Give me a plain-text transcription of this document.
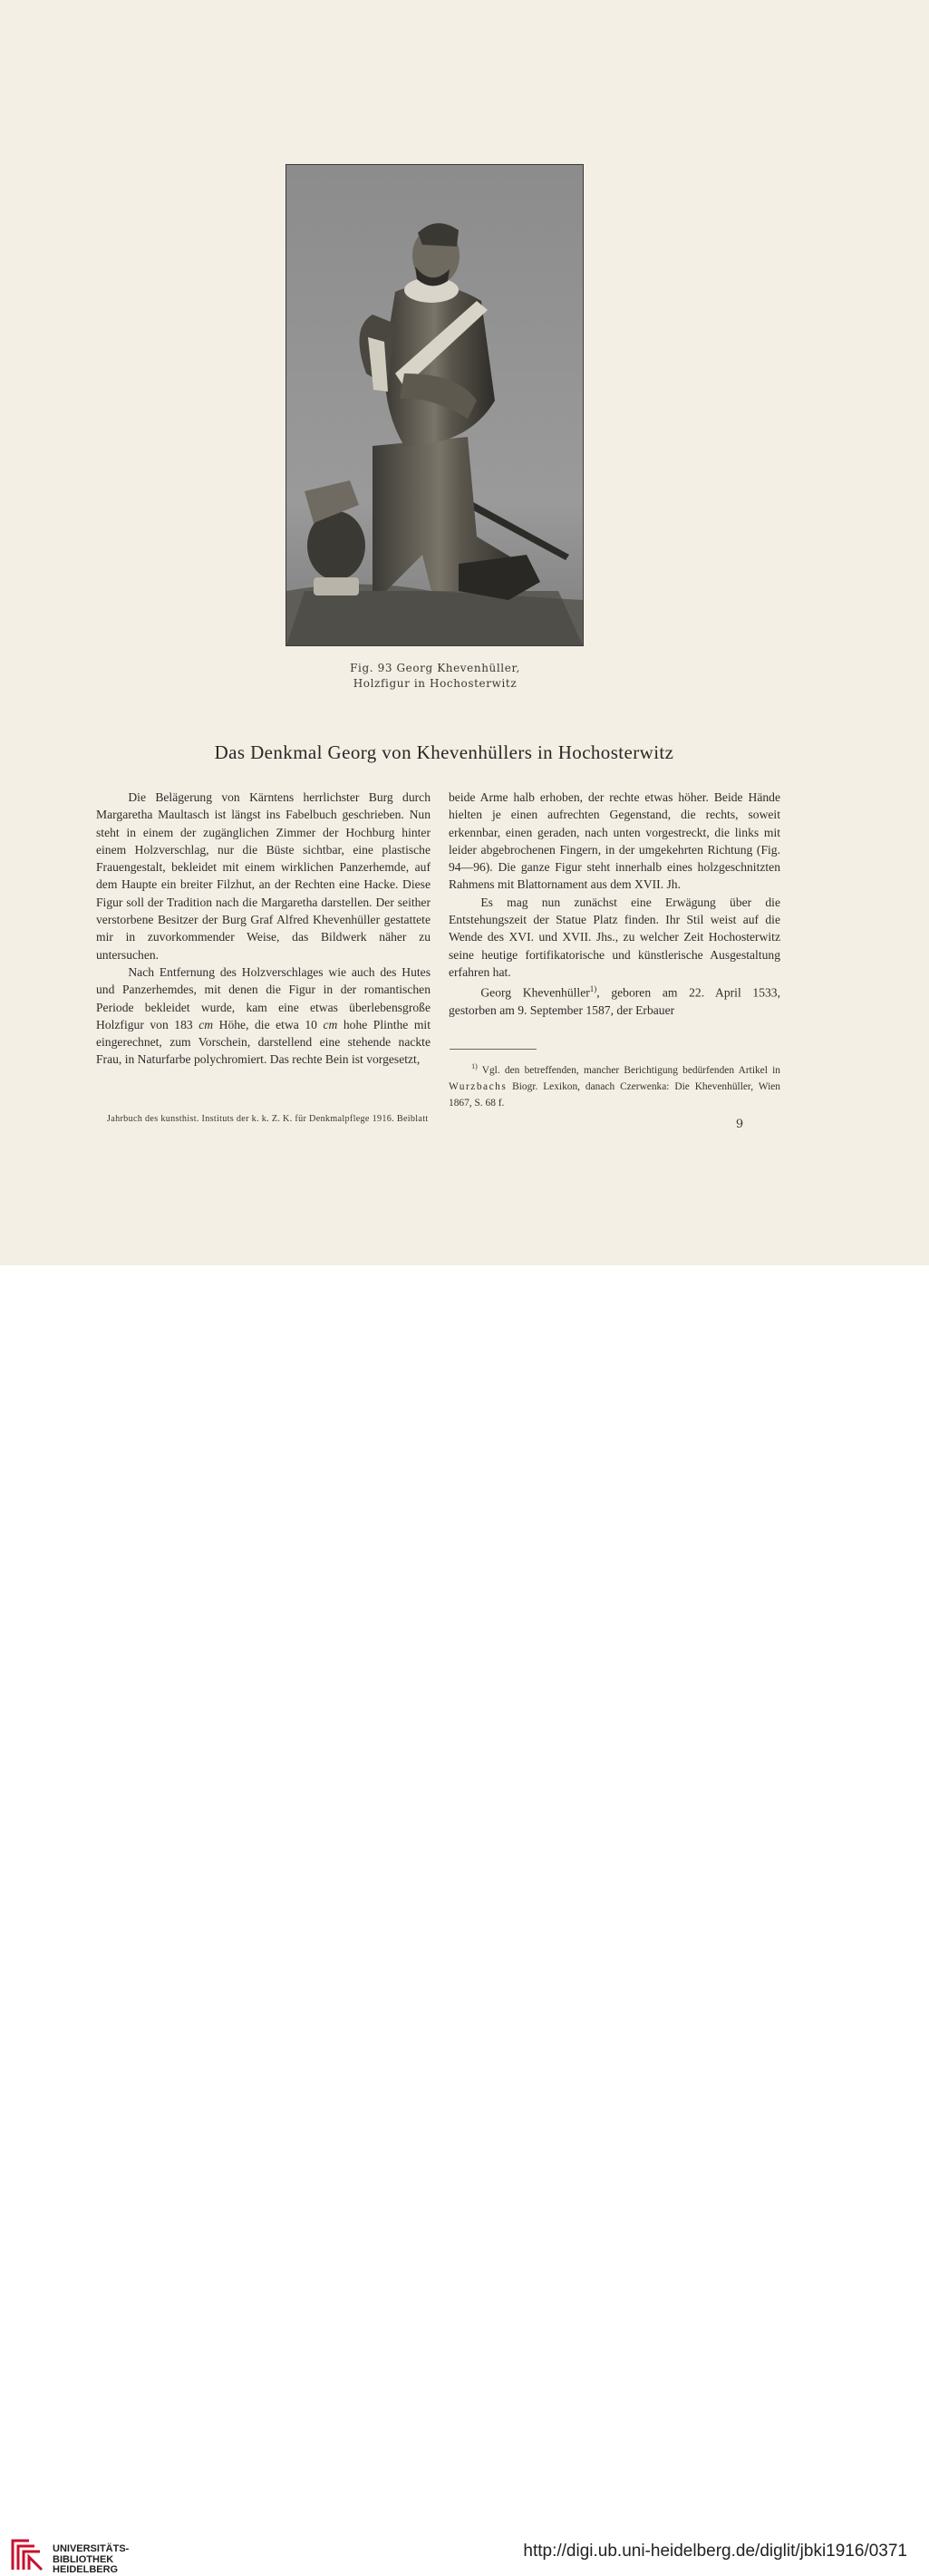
Fig. 93 Georg Khevenhüller,
Holzfigur in Hochosterwitz
Das Denkmal Georg von Khevenhüllers in Hochosterwitz

Die Belägerung von Kärntens herrlichster Burg durch Margaretha Maultasch ist längst ins Fabelbuch geschrieben. Nun steht in einem der zugänglichen Zimmer der Hochburg hinter einem Holzverschlag, nur die Büste sichtbar, eine plastische Frauengestalt, bekleidet mit einem wirklichen Panzerhemde, auf dem Haupte ein breiter Filzhut, an der Rechten eine Hacke. Diese Figur soll der Tradition nach die Margaretha darstellen. Der seither verstorbene Besitzer der Burg Graf Alfred Khevenhüller gestattete mir in zuvorkommender Weise, das Bildwerk näher zu untersuchen.

Nach Entfernung des Holzverschlages wie auch des Hutes und Panzerhemdes, mit denen die Figur in der romantischen Periode bekleidet wurde, kam eine etwas überlebensgroße Holzfigur von 183 cm Höhe, die etwa 10 cm hohe Plinthe mit eingerechnet, zum Vorschein, darstellend eine stehende nackte Frau, in Naturfarbe polychromiert. Das rechte Bein ist vorgesetzt,

beide Arme halb erhoben, der rechte etwas höher. Beide Hände hielten je einen aufrechten Gegenstand, die rechts, soweit erkennbar, einen geraden, nach unten vorgestreckt, die links mit leider abgebrochenen Fingern, in der umgekehrten Richtung (Fig. 94—96). Die ganze Figur steht innerhalb eines holzgeschnitzten Rahmens mit Blattornament aus dem XVII. Jh.

Es mag nun zunächst eine Erwägung über die Entstehungszeit der Statue Platz finden. Ihr Stil weist auf die Wende des XVI. und XVII. Jhs., zu welcher Zeit Hochosterwitz seine heutige fortifikatorische und künstlerische Ausgestaltung erfahren hat.

Georg Khevenhüller$^{1)}$, geboren am 22. April 1533, gestorben am 9. September 1587, der Erbauer

$^{1)}$ Vgl. den betreffenden, mancher Berichtigung bedürfenden Artikel in Wurzbachs Biogr. Lexikon, danach Czerwenka: Die Khevenhüller, Wien 1867, S. 68 f.
Jahrbuch des kunsthist. Instituts der k. k. Z. K. für Denkmalpflege 1916. Beiblatt	9
UNIVERSITÄTS-
BIBLIOTHEK
HEIDELBERG
http://digi.ub.uni-heidelberg.de/diglit/jbki1916/0371
